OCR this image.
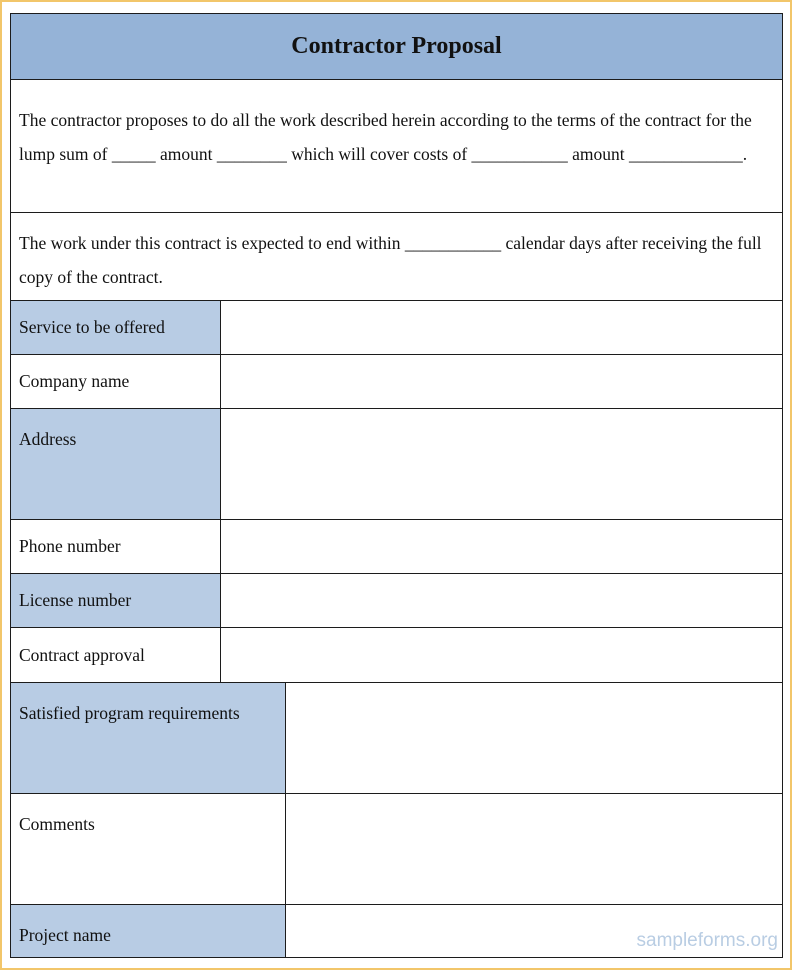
Contractor Proposal
The contractor proposes to do all the work described herein according to the terms of the contract for the lump sum of _____ amount ________ which will cover costs of ___________ amount _____________.
The work under this contract is expected to end within ___________ calendar days after receiving the full copy of the contract.
Service to be offered
Company name
Address
Phone number
License number
Contract approval
Satisfied program requirements
Comments
Project name	sampleforms.org
